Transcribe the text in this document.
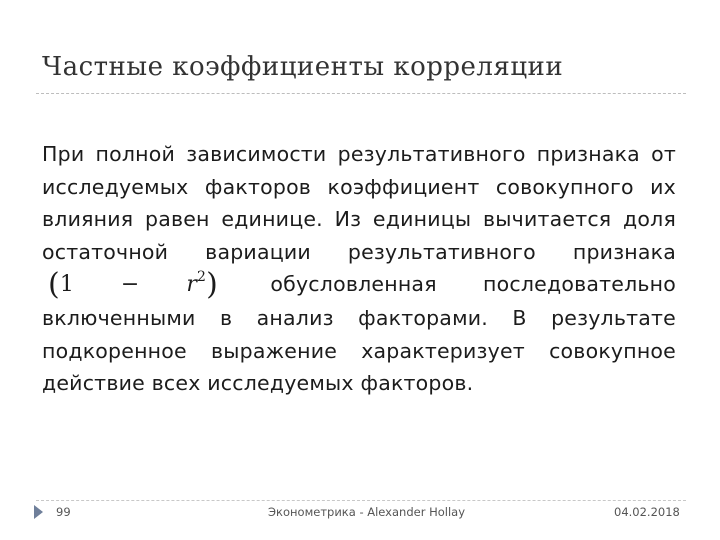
Частные коэффициенты корреляции
При полной зависимости результативного признака от исследуемых факторов коэффициент совокупного их влияния равен единице. Из единицы вычитается доля остаточной вариации результативного признака $(1 - r^2)$	обусловленная последовательно включенными в анализ факторами. В результате подкоренное выражение характеризует совокупное действие всех исследуемых факторов.
99	Эконометрика - Alexander Hollay	04.02.2018
